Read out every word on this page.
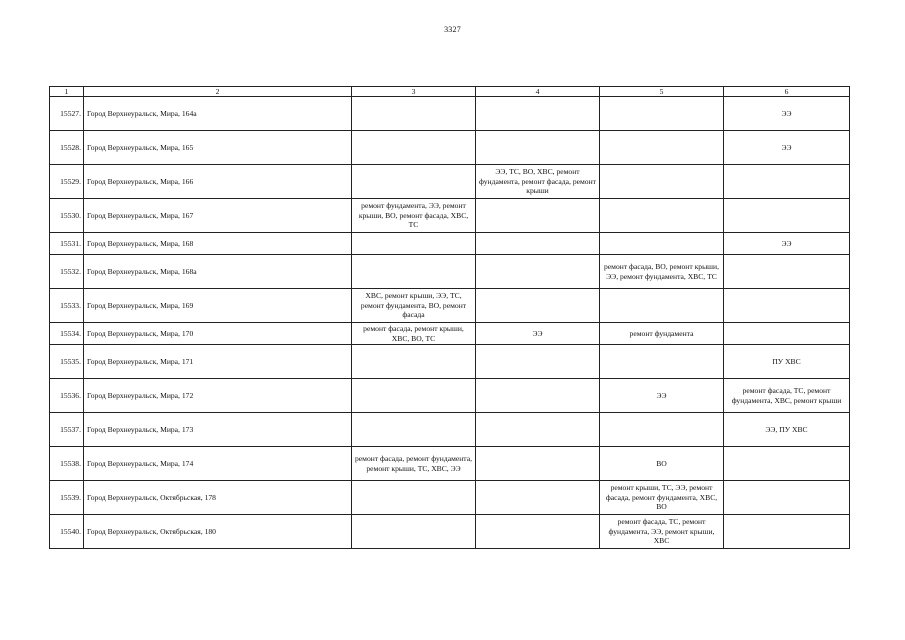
3327
1	2	3	4	5	6
15527.	Город Верхнеуральск, Мира, 164а				ЭЭ
15528.	Город Верхнеуральск, Мира, 165				ЭЭ
15529.	Город Верхнеуральск, Мира, 166		ЭЭ, ТС, ВО, ХВС, ремонт фундамента, ремонт фасада, ремонт крыши		
15530.	Город Верхнеуральск, Мира, 167	ремонт фундамента, ЭЭ, ремонт крыши, ВО, ремонт фасада, ХВС, ТС			
15531.	Город Верхнеуральск, Мира, 168				ЭЭ
15532.	Город Верхнеуральск, Мира, 168а			ремонт фасада, ВО, ремонт крыши, ЭЭ, ремонт фундамента, ХВС, ТС	
15533.	Город Верхнеуральск, Мира, 169	ХВС, ремонт крыши, ЭЭ, ТС, ремонт фундамента, ВО, ремонт фасада			
15534.	Город Верхнеуральск, Мира, 170	ремонт фасада, ремонт крыши, ХВС, ВО, ТС	ЭЭ	ремонт фундамента	
15535.	Город Верхнеуральск, Мира, 171				ПУ ХВС
15536.	Город Верхнеуральск, Мира, 172			ЭЭ	ремонт фасада, ТС, ремонт фундамента, ХВС, ремонт крыши
15537.	Город Верхнеуральск, Мира, 173				ЭЭ, ПУ ХВС
15538.	Город Верхнеуральск, Мира, 174	ремонт фасада, ремонт фундамента, ремонт крыши, ТС, ХВС, ЭЭ		ВО	
15539.	Город Верхнеуральск, Октябрьская, 178			ремонт крыши, ТС, ЭЭ, ремонт фасада, ремонт фундамента, ХВС, ВО	
15540.	Город Верхнеуральск, Октябрьская, 180			ремонт фасада, ТС, ремонт фундамента, ЭЭ, ремонт крыши, ХВС	
